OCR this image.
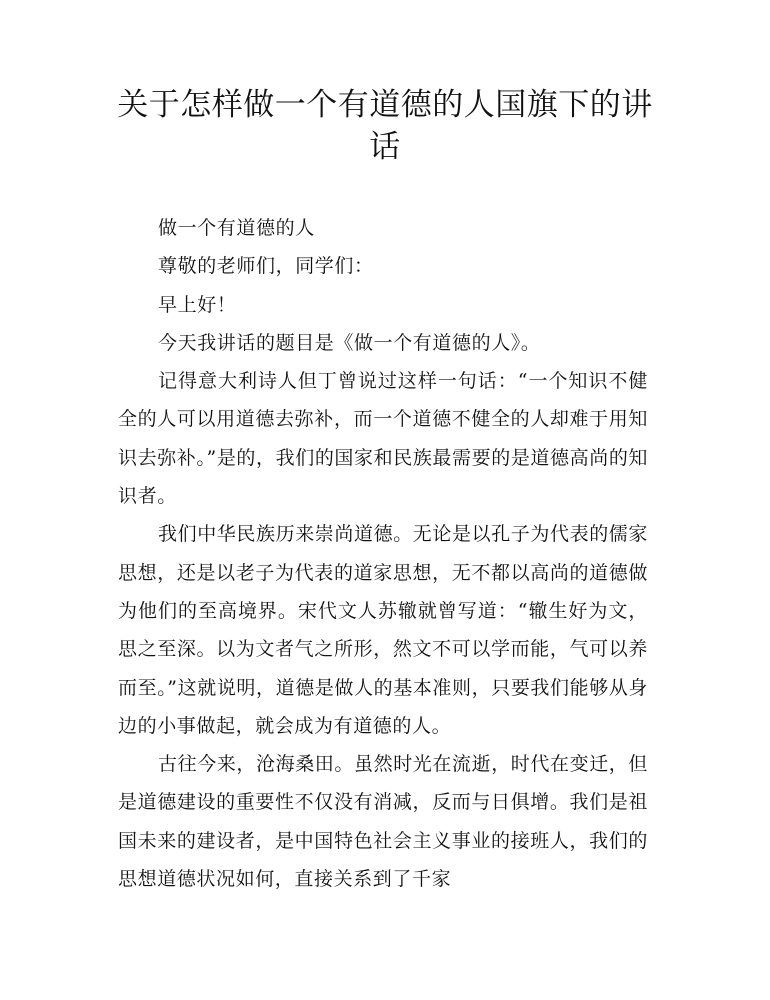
关于怎样做一个有道德的人国旗下的讲话

做一个有道德的人

尊敬的老师们，同学们：

早上好！

今天我讲话的题目是《做一个有道德的人》。

记得意大利诗人但丁曾说过这样一句话：“一个知识不健全的人可以用道德去弥补，而一个道德不健全的人却难于用知识去弥补。”是的，我们的国家和民族最需要的是道德高尚的知识者。

我们中华民族历来崇尚道德。无论是以孔子为代表的儒家思想，还是以老子为代表的道家思想，无不都以高尚的道德做为他们的至高境界。宋代文人苏辙就曾写道：“辙生好为文，思之至深。以为文者气之所形，然文不可以学而能，气可以养而至。”这就说明，道德是做人的基本准则，只要我们能够从身边的小事做起，就会成为有道德的人。

古往今来，沧海桑田。虽然时光在流逝，时代在变迁，但是道德建设的重要性不仅没有消减，反而与日俱增。我们是祖国未来的建设者，是中国特色社会主义事业的接班人，我们的思想道德状况如何，直接关系到了千家
